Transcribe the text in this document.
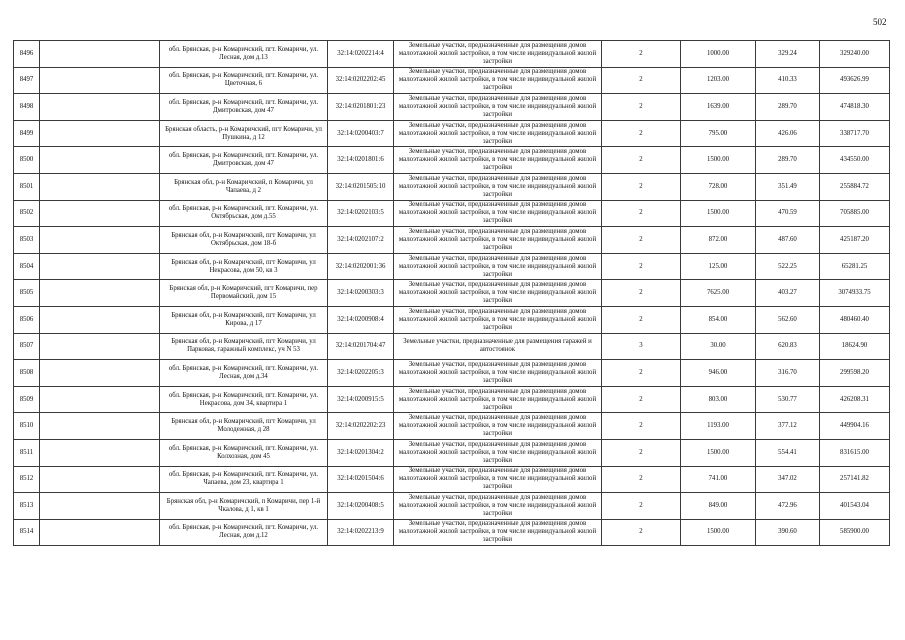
502
8496		обл. Брянская, р-н Комаричский, пгт. Комаричи, ул. Лесная, дом д.13	32:14:0202214:4	Земельные участки, предназначенные для размещения домов малоэтажной жилой застройки, в том числе индивидуальной жилой застройки	2	1000.00	329.24	329240.00
8497		обл. Брянская, р-н Комаричский, пгт. Комаричи, ул. Цветочная, 6	32:14:0202202:45	Земельные участки, предназначенные для размещения домов малоэтажной жилой застройки, в том числе индивидуальной жилой застройки	2	1203.00	410.33	493626.99
8498		обл. Брянская, р-н Комаричский, пгт. Комаричи, ул. Дмитровская, дом 47	32:14:0201801:23	Земельные участки, предназначенные для размещения домов малоэтажной жилой застройки, в том числе индивидуальной жилой застройки	2	1639.00	289.70	474818.30
8499		Брянская область, р-н Комаричский, пгт Комаричи, ул Пушкина, д 12	32:14:0200403:7	Земельные участки, предназначенные для размещения домов малоэтажной жилой застройки, в том числе индивидуальной жилой застройки	2	795.00	426.06	338717.70
8500		обл. Брянская, р-н Комаричский, пгт. Комаричи, ул. Дмитровская, дом 47	32:14:0201801:6	Земельные участки, предназначенные для размещения домов малоэтажной жилой застройки, в том числе индивидуальной жилой застройки	2	1500.00	289.70	434550.00
8501		Брянская обл, р-н Комаричский, п Комаричи, ул Чапаева, д 2	32:14:0201505:10	Земельные участки, предназначенные для размещения домов малоэтажной жилой застройки, в том числе индивидуальной жилой застройки	2	728.00	351.49	255884.72
8502		обл. Брянская, р-н Комаричский, пгт. Комаричи, ул. Октябрьская, дом д.55	32:14:0202103:5	Земельные участки, предназначенные для размещения домов малоэтажной жилой застройки, в том числе индивидуальной жилой застройки	2	1500.00	470.59	705885.00
8503		Брянская обл, р-н Комаричский, пгт Комаричи, ул Октябрьская, дом 18-б	32:14:0202107:2	Земельные участки, предназначенные для размещения домов малоэтажной жилой застройки, в том числе индивидуальной жилой застройки	2	872.00	487.60	425187.20
8504		Брянская обл, р-н Комаричский, пгт Комаричи, ул Некрасова, дом 50, кв 3	32:14:0202001:36	Земельные участки, предназначенные для размещения домов малоэтажной жилой застройки, в том числе индивидуальной жилой застройки	2	125.00	522.25	65281.25
8505		Брянская обл, р-н Комаричский, пгт Комаричи, пер Первомайский, дом 15	32:14:0200303:3	Земельные участки, предназначенные для размещения домов малоэтажной жилой застройки, в том числе индивидуальной жилой застройки	2	7625.00	403.27	3074933.75
8506		Брянская обл, р-н Комаричский, пгт Комаричи, ул Кирова, д 17	32:14:0200908:4	Земельные участки, предназначенные для размещения домов малоэтажной жилой застройки, в том числе индивидуальной жилой застройки	2	854.00	562.60	480460.40
8507		Брянская обл, р-н Комаричский, пгт Комаричи, ул Парковая, гаражный комплекс, уч N 53	32:14:0201704:47	Земельные участки, предназначенные для размещения гаражей и автостоянок	3	30.00	620.83	18624.90
8508		обл. Брянская, р-н Комаричский, пгт. Комаричи, ул. Лесная, дом д.34	32:14:0202205:3	Земельные участки, предназначенные для размещения домов малоэтажной жилой застройки, в том числе индивидуальной жилой застройки	2	946.00	316.70	299598.20
8509		обл. Брянская, р-н Комаричский, пгт. Комаричи, ул. Некрасова, дом 34, квартира 1	32:14:0200915:5	Земельные участки, предназначенные для размещения домов малоэтажной жилой застройки, в том числе индивидуальной жилой застройки	2	803.00	530.77	426208.31
8510		Брянская обл, р-н Комаричский, пгт Комаричи, ул Молодежная, д 28	32:14:0202202:23	Земельные участки, предназначенные для размещения домов малоэтажной жилой застройки, в том числе индивидуальной жилой застройки	2	1193.00	377.12	449904.16
8511		обл. Брянская, р-н Комаричский, пгт. Комаричи, ул. Колхозная, дом 45	32:14:0201304:2	Земельные участки, предназначенные для размещения домов малоэтажной жилой застройки, в том числе индивидуальной жилой застройки	2	1500.00	554.41	831615.00
8512		обл. Брянская, р-н Комаричский, пгт. Комаричи, ул. Чапаева, дом 23, квартира 1	32:14:0201504:6	Земельные участки, предназначенные для размещения домов малоэтажной жилой застройки, в том числе индивидуальной жилой застройки	2	741.00	347.02	257141.82
8513		Брянская обл, р-н Комаричский, п Комаричи, пер 1-й Чкалова, д 1, кв 1	32:14:0200408:5	Земельные участки, предназначенные для размещения домов малоэтажной жилой застройки, в том числе индивидуальной жилой застройки	2	849.00	472.96	401543.04
8514		обл. Брянская, р-н Комаричский, пгт. Комаричи, ул. Лесная, дом д.12	32:14:0202213:9	Земельные участки, предназначенные для размещения домов малоэтажной жилой застройки, в том числе индивидуальной жилой застройки	2	1500.00	390.60	585900.00
